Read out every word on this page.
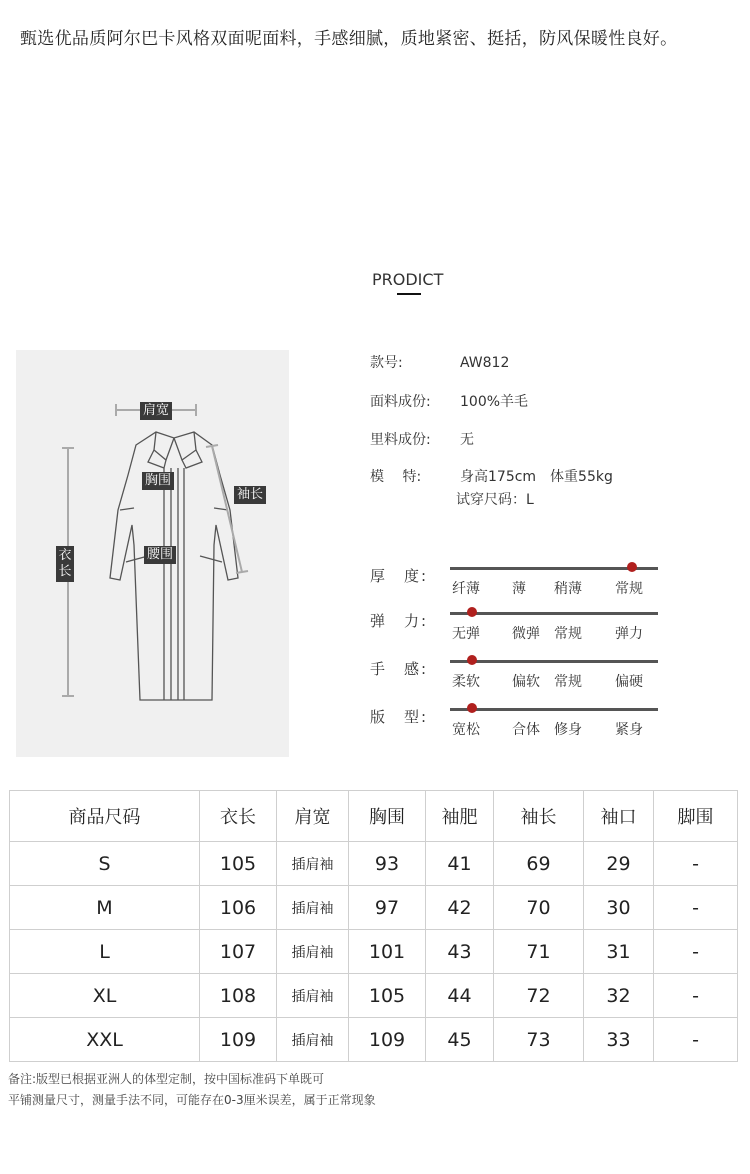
甄选优品质阿尔巴卡风格双面呢面料，手感细腻，质地紧密、挺括，防风保暖性良好。
PRODICT
肩宽
胸围
袖长
腰围
衣长
款号:	AW812
面料成份: 100%羊毛
里料成份: 无
模　 特:	身高175cm　体重55kg
试穿尺码：L
厚　度:
纤薄 薄 稍薄 常规
弹　力:
无弹 微弹 常规 弹力
手　感:
柔软 偏软 常规 偏硬
版　型:
宽松 合体 修身 紧身
商品尺码	衣长	肩宽	胸围	袖肥	袖长	袖口	脚围
S	105	插肩袖	93	41	69	29	-
M	106	插肩袖	97	42	70	30	-
L	107	插肩袖	101	43	71	31	-
XL	108	插肩袖	105	44	72	32	-
XXL	109	插肩袖	109	45	73	33	-
备注:版型已根据亚洲人的体型定制，按中国标准码下单既可
平铺测量尺寸，测量手法不同，可能存在0-3厘米误差，属于正常现象
